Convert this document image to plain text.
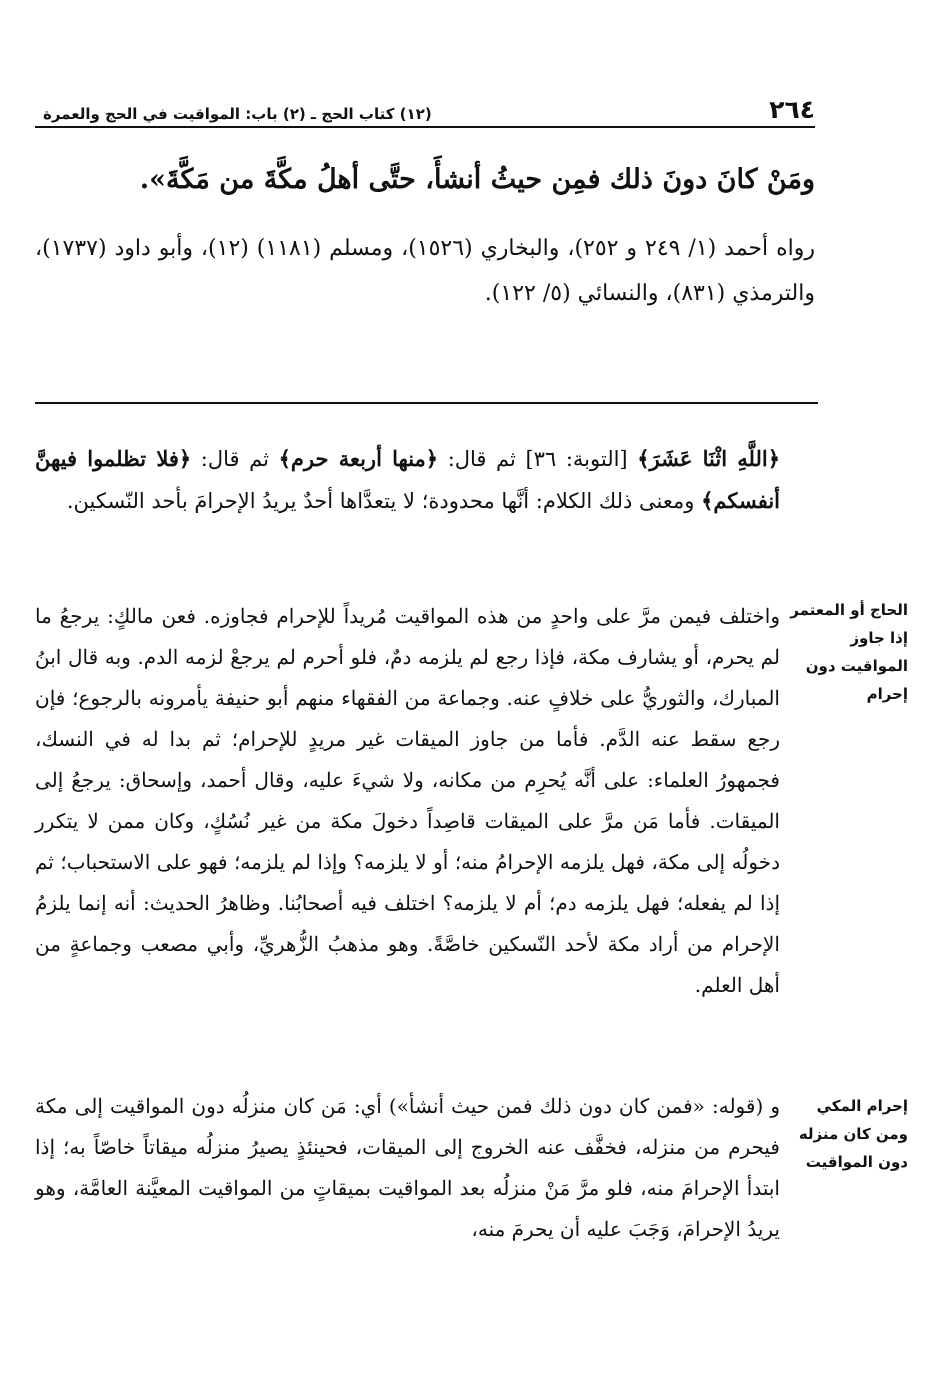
٢٦٤
(١٢) كتاب الحج ـ (٢) باب: المواقيت في الحج والعمرة

ومَنْ كانَ دونَ ذلك فمِن حيثُ أنشأَ، حتَّى أهلُ مكَّةَ من مَكَّةَ».

رواه أحمد (١/ ٢٤٩ و ٢٥٢)، والبخاري (١٥٢٦)، ومسلم (١١٨١) (١٢)، وأبو داود (١٧٣٧)، والترمذي (٨٣١)، والنسائي (٥/ ١٢٢).

﴿اللَّهِ اثْنَا عَشَرَ﴾ [التوبة: ٣٦] ثم قال: ﴿منها أربعة حرم﴾ ثم قال: ﴿فلا تظلموا فيهنَّ أنفسكم﴾ ومعنى ذلك الكلام: أنَّها محدودة؛ لا يتعدَّاها أحدٌ يريدُ الإحرامَ بأحد النّسكين.

واختلف فيمن مرَّ على واحدٍ من هذه المواقيت مُريداً للإحرام فجاوزه. فعن مالكٍ: يرجعُ ما لم يحرم، أو يشارف مكة، فإذا رجع لم يلزمه دمٌ، فلو أحرم لم يرجعْ لزمه الدم. وبه قال ابنُ المبارك، والثوريُّ على خلافٍ عنه. وجماعة من الفقهاء منهم أبو حنيفة يأمرونه بالرجوع؛ فإن رجع سقط عنه الدَّم. فأما من جاوز الميقات غير مريدٍ للإحرام؛ ثم بدا له في النسك، فجمهورُ العلماء: على أنَّه يُحرِم من مكانه، ولا شيءَ عليه، وقال أحمد، وإسحاق: يرجعُ إلى الميقات. فأما مَن مرَّ على الميقات قاصِداً دخولَ مكة من غير نُسُكٍ، وكان ممن لا يتكرر دخولُه إلى مكة، فهل يلزمه الإحرامُ منه؛ أو لا يلزمه؟ وإذا لم يلزمه؛ فهو على الاستحباب؛ ثم إذا لم يفعله؛ فهل يلزمه دم؛ أم لا يلزمه؟ اختلف فيه أصحابُنا. وظاهرُ الحديث: أنه إنما يلزمُ الإحرام من أراد مكة لأحد النّسكين خاصَّةً. وهو مذهبُ الزُّهريِّ، وأبي مصعب وجماعةٍ من أهل العلم.

و (قوله: «فمن كان دون ذلك فمن حيث أنشأ») أي: مَن كان منزلُه دون المواقيت إلى مكة فيحرم من منزله، فخفَّف عنه الخروج إلى الميقات، فحينئذٍ يصيرُ منزلُه ميقاتاً خاصّاً به؛ إذا ابتدأ الإحرامَ منه، فلو مرَّ مَنْ منزلُه بعد المواقيت بميقاتٍ من المواقيت المعيَّنة العامَّة، وهو يريدُ الإحرامَ، وَجَبَ عليه أن يحرمَ منه،

الحاج أو المعتمر إذا جاوز المواقيت دون إحرام

إحرام المكي ومن كان منزله دون المواقيت
